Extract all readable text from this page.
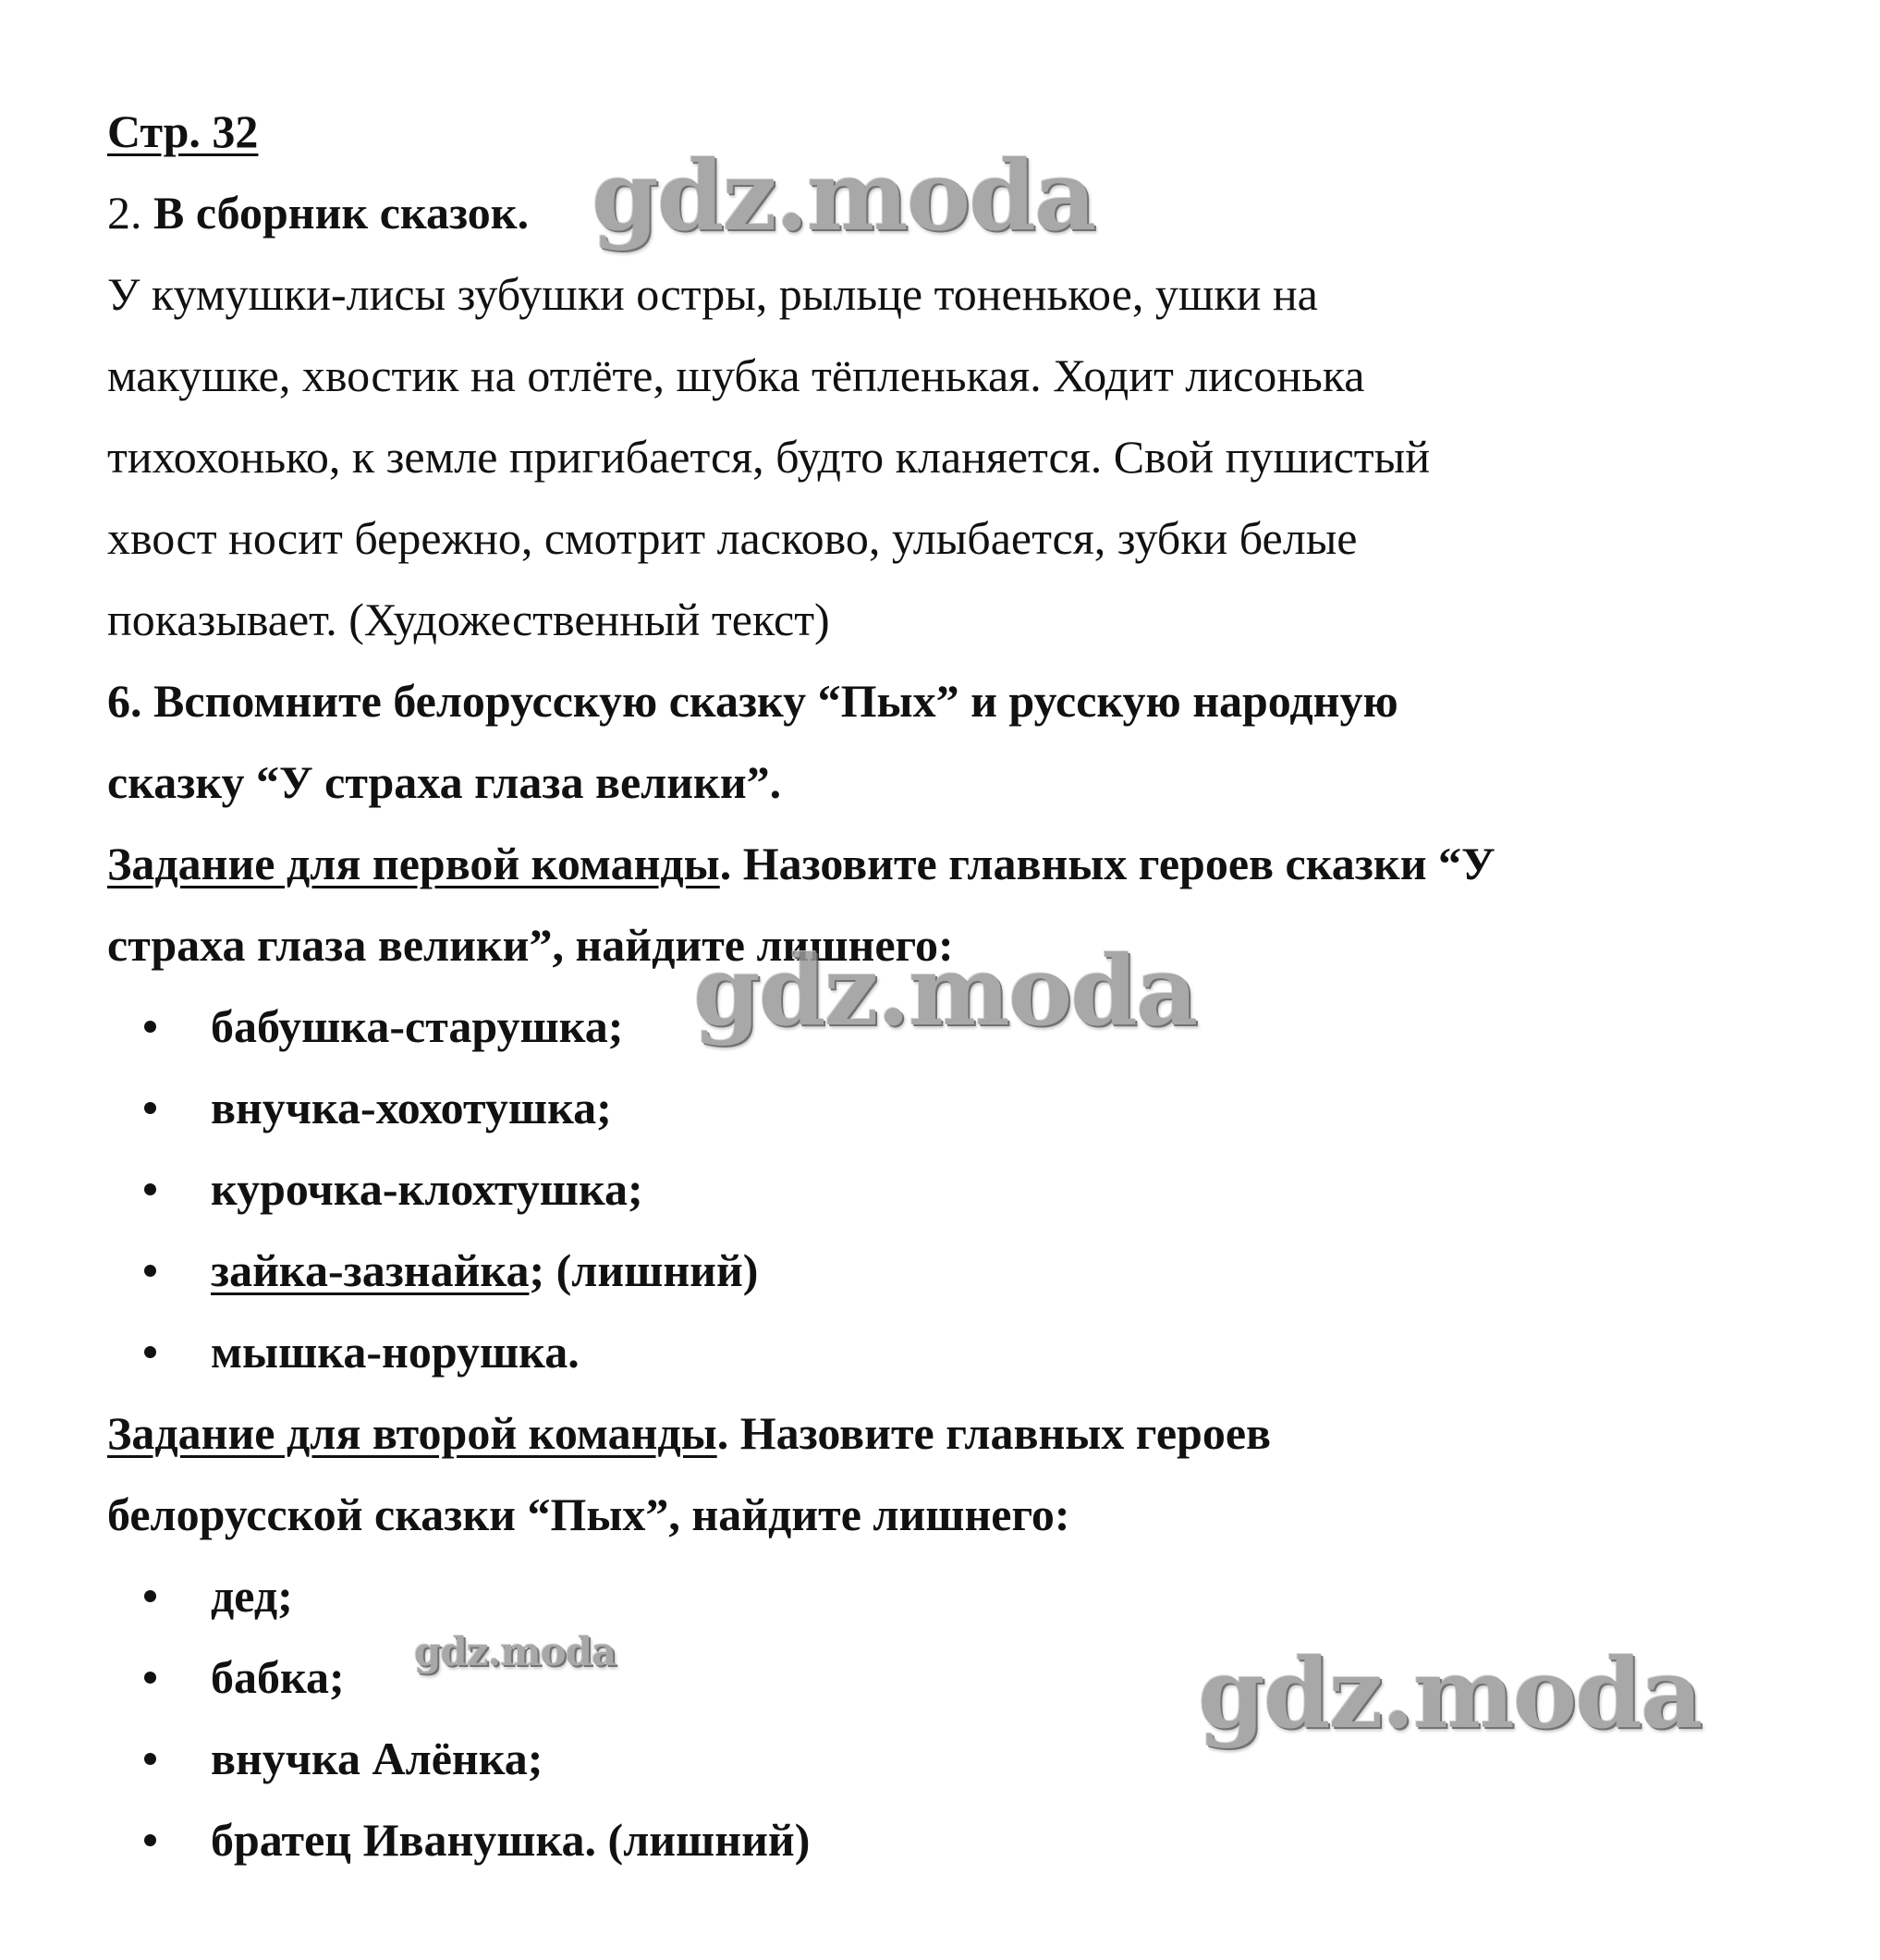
Стр. 32
2. В сборник сказок.
У кумушки-лисы зубушки остры, рыльце тоненькое, ушки на
макушке, хвостик на отлёте, шубка тёпленькая. Ходит лисонька
тихохонько, к земле пригибается, будто кланяется. Свой пушистый
хвост носит бережно, смотрит ласково, улыбается, зубки белые
показывает. (Художественный текст)
6. Вспомните белорусскую сказку “Пых” и русскую народную
сказку “У страха глаза велики”.
Задание для первой команды. Назовите главных героев сказки “У
страха глаза велики”, найдите лишнего:
бабушка-старушка;
внучка-хохотушка;
курочка-клохтушка;
зайка-зазнайка; (лишний)
мышка-норушка.
Задание для второй команды. Назовите главных героев
белорусской сказки “Пых”, найдите лишнего:
дед;
бабка;
внучка Алёнка;
братец Иванушка. (лишний)
gdz.moda
gdz.moda
gdz.moda	gdz.moda
